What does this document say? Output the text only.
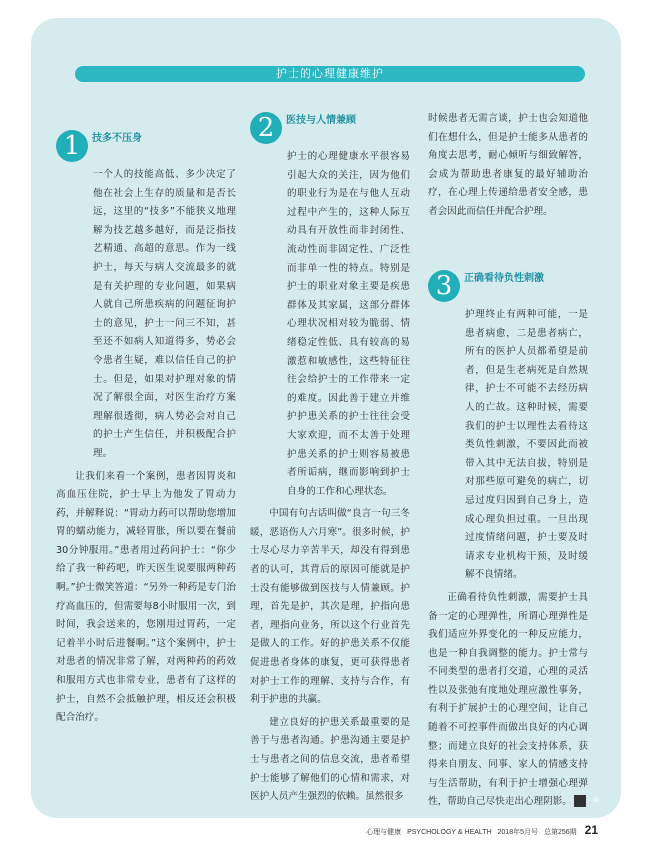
护士的心理健康维护
1	技多不压身

一个人的技能高低、多少决定了他在社会上生存的质量和是否长远，这里的“技多”不能狭义地理解为技艺越多越好，而是泛指技艺精通、高超的意思。作为一线护士，每天与病人交流最多的就是有关护理的专业问题，如果病人就自己所患疾病的问题征询护士的意见，护士一问三不知，甚至还不如病人知道得多，势必会令患者生疑，难以信任自己的护士。但是，如果对护理对象的情况了解很全面，对医生治疗方案理解很透彻，病人势必会对自己的护士产生信任，并积极配合护理。

让我们来看一个案例，患者因胃炎和高血压住院，护士早上为他发了胃动力药，并解释说：“胃动力药可以帮助您增加胃的蠕动能力，减轻胃胀，所以要在餐前30分钟服用。”患者用过药问护士：“你少给了我一种药吧，昨天医生说要服两种药啊。”护士微笑答道：“另外一种药是专门治疗高血压的，但需要每8小时服用一次，到时间，我会送来的，您刚用过胃药，一定记着半小时后进餐啊。”这个案例中，护士对患者的情况非常了解，对两种药的药效和服用方式也非常专业，患者有了这样的护士，自然不会抵触护理，相反还会积极配合治疗。

2	医技与人情兼顾

护士的心理健康水平很容易引起大众的关注，因为他们的职业行为是在与他人互动过程中产生的，这种人际互动具有开放性而非封闭性、流动性而非固定性、广泛性而非单一性的特点。特别是护士的职业对象主要是疾患群体及其家属，这部分群体心理状况相对较为脆弱、情绪稳定性低、具有较高的易激惹和敏感性，这些特征往往会给护士的工作带来一定的难度。因此善于建立并维护护患关系的护士往往会受大家欢迎，而不太善于处理护患关系的护士则容易被患者所诟病，继而影响到护士自身的工作和心理状态。

中国有句古话叫做“良言一句三冬暖，恶语伤人六月寒”。很多时候，护士尽心尽力辛苦半天，却没有得到患者的认可，其背后的原因可能就是护士没有能够做到医技与人情兼顾。护理，首先是护，其次是理，护指向患者，理指向业务，所以这个行业首先是做人的工作。好的护患关系不仅能促进患者身体的康复，更可获得患者对护士工作的理解、支持与合作，有利于护患的共赢。

建立良好的护患关系最重要的是善于与患者沟通。护患沟通主要是护士与患者之间的信息交流，患者希望护士能够了解他们的心情和需求，对医护人员产生强烈的依赖。虽然很多

时候患者无需言谈，护士也会知道他们在想什么，但是护士能多从患者的角度去思考，耐心倾听与细致解答，会成为帮助患者康复的最好辅助治疗，在心理上传递给患者安全感，患者会因此而信任并配合护理。

3	正确看待负性刺激

护理终止有两种可能，一是患者病愈，二是患者病亡，所有的医护人员都希望是前者，但是生老病死是自然规律，护士不可能不去经历病人的亡故。这种时候，需要我们的护士以理性去看待这类负性刺激，不要因此而被带入其中无法自拔，特别是对那些原可避免的病亡，切忌过度归因到自己身上，造成心理负担过重。一旦出现过度情绪问题，护士要及时请求专业机构干预，及时缓解不良情绪。

正确看待负性刺激，需要护士具备一定的心理弹性，所谓心理弹性是我们适应外界变化的一种反应能力，也是一种自我调整的能力。护士常与不同类型的患者打交道，心理的灵活性以及张弛有度地处理应激性事务，有利于扩展护士的心理空间，让自己随着不可控事件而做出良好的内心调整；而建立良好的社会支持体系，获得来自朋友、同事、家人的情感支持与生活帮助，有利于护士增强心理弹性，帮助自己尽快走出心理阴影。	编

心理与健康 PSYCHOLOGY & HEALTH 2018年5月号 总第256期 21
